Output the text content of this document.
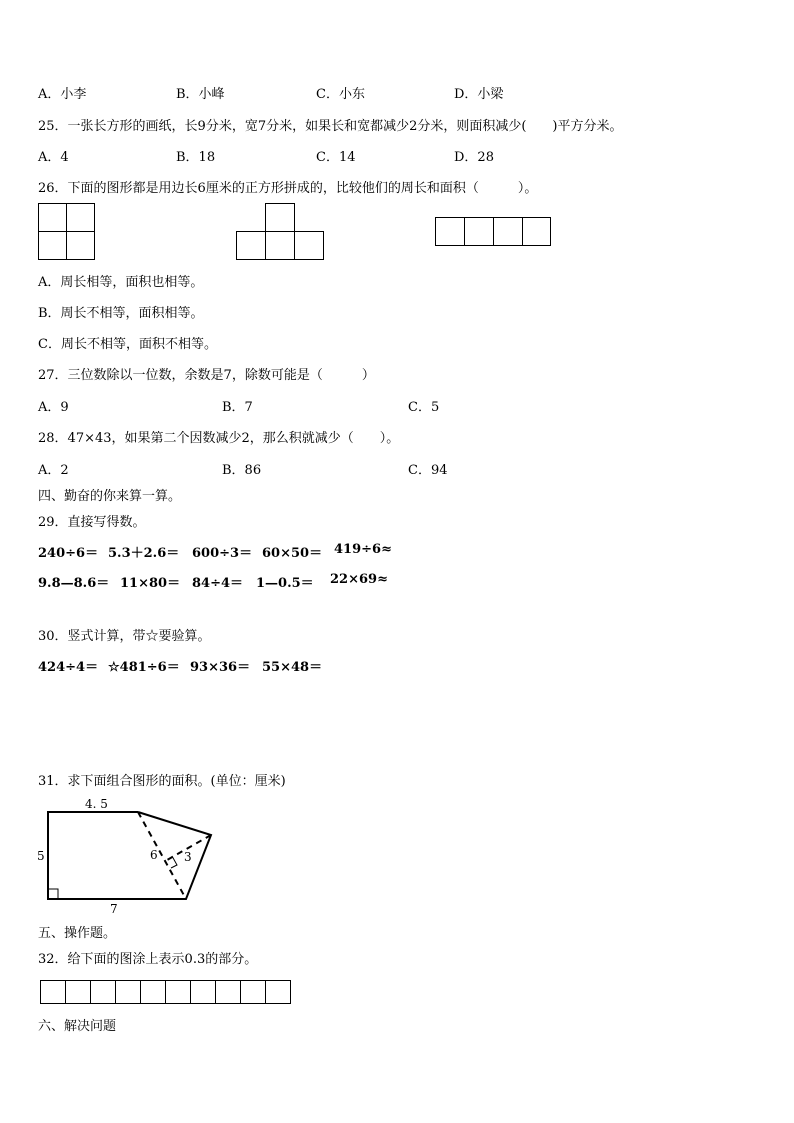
A．小李	B．小峰	C．小东	D．小梁
25．一张长方形的画纸，长9分米，宽7分米，如果长和宽都减少2分米，则面积减少(　　)平方分米。
A．4	B．18	C．14	D．28
26．下面的图形都是用边长6厘米的正方形拼成的，比较他们的周长和面积（　　　）。
A．周长相等，面积也相等。
B．周长不相等，面积相等。
C．周长不相等，面积不相等。
27．三位数除以一位数，余数是7，除数可能是（　　　）
A．9	B．7	C．5
28．47×43，如果第二个因数减少2，那么积就减少（　　）。
A．2	B．86	C．94
四、勤奋的你来算一算。
29．直接写得数。
240÷6＝ 5.3＋2.6＝ 600÷3＝ 60×50＝ 419÷6≈
9.8—8.6＝ 11×80＝ 84÷4＝ 1—0.5＝ 22×69≈
30．竖式计算，带☆要验算。
424÷4＝ ☆481÷6＝ 93×36＝ 55×48＝
31．求下面组合图形的面积。(单位：厘米)
4. 5
5
7
6 3
五、操作题。
32．给下面的图涂上表示0.3的部分。
六、解决问题
